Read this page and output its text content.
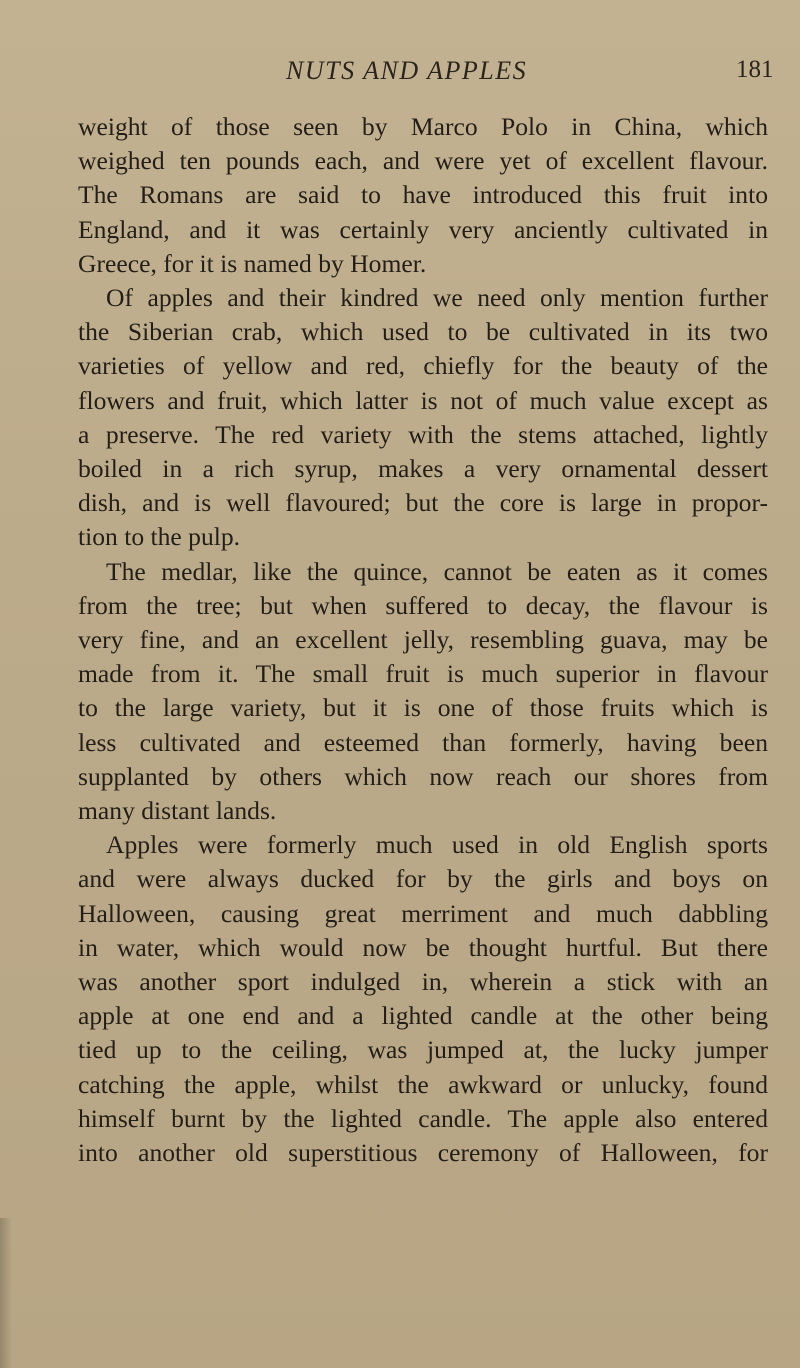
NUTS AND APPLES	181
weight of those seen by Marco Polo in China, which
weighed ten pounds each, and were yet of excellent flavour.
The Romans are said to have introduced this fruit into
England, and it was certainly very anciently cultivated in
Greece, for it is named by Homer.
Of apples and their kindred we need only mention further
the Siberian crab, which used to be cultivated in its two
varieties of yellow and red, chiefly for the beauty of the
flowers and fruit, which latter is not of much value except as
a preserve. The red variety with the stems attached, lightly
boiled in a rich syrup, makes a very ornamental dessert
dish, and is well flavoured; but the core is large in propor-
tion to the pulp.
The medlar, like the quince, cannot be eaten as it comes
from the tree; but when suffered to decay, the flavour is
very fine, and an excellent jelly, resembling guava, may be
made from it. The small fruit is much superior in flavour
to the large variety, but it is one of those fruits which is
less cultivated and esteemed than formerly, having been
supplanted by others which now reach our shores from
many distant lands.
Apples were formerly much used in old English sports
and were always ducked for by the girls and boys on
Halloween, causing great merriment and much dabbling
in water, which would now be thought hurtful. But there
was another sport indulged in, wherein a stick with an
apple at one end and a lighted candle at the other being
tied up to the ceiling, was jumped at, the lucky jumper
catching the apple, whilst the awkward or unlucky, found
himself burnt by the lighted candle. The apple also entered
into another old superstitious ceremony of Halloween, for
